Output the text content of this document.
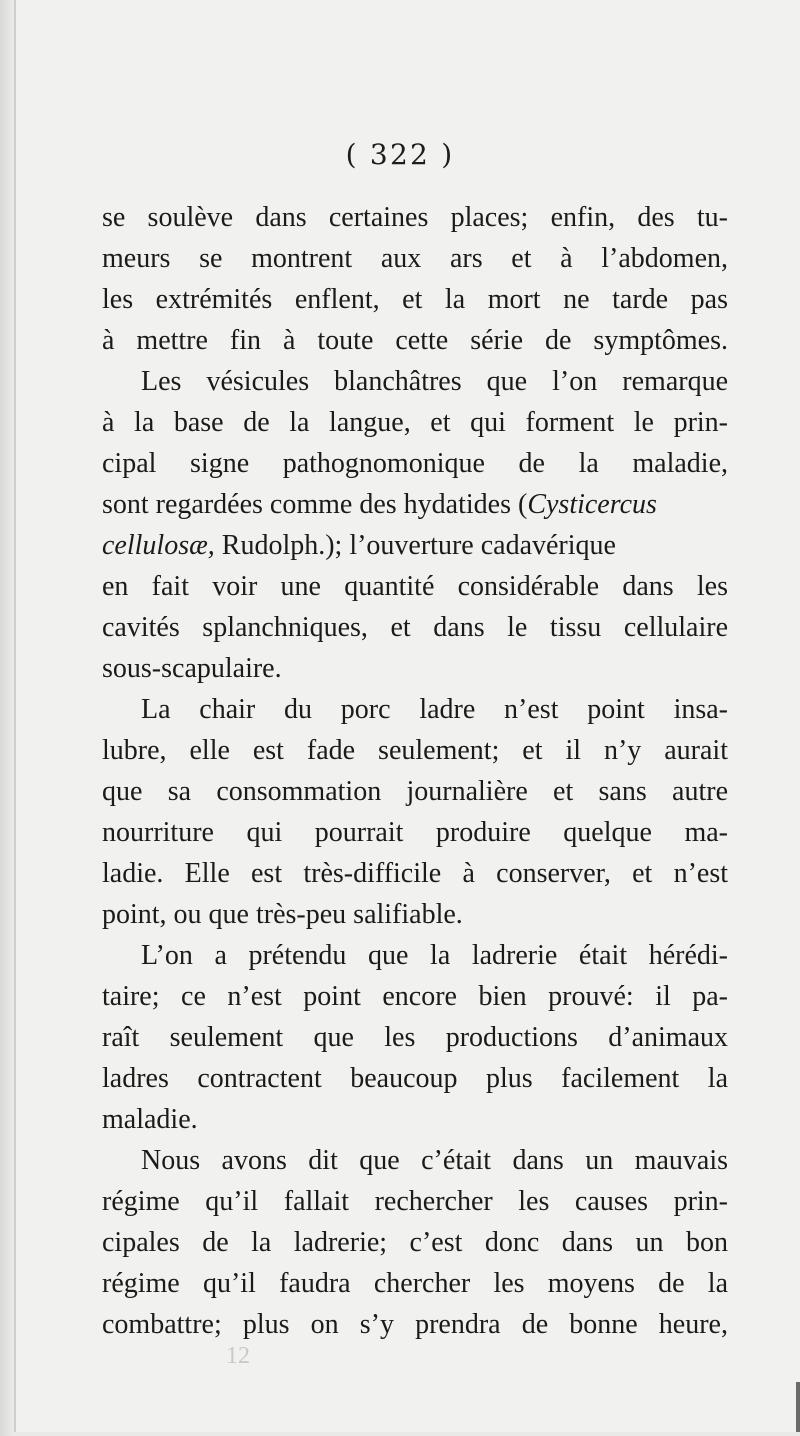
( 322 )
se soulève dans certaines places; enfin, des tu-
meurs se montrent aux ars et à l’abdomen,
les extrémités enflent, et la mort ne tarde pas
à mettre fin à toute cette série de symptômes.
Les vésicules blanchâtres que l’on remarque
à la base de la langue, et qui forment le prin-
cipal signe pathognomonique de la maladie,
sont regardées comme des hydatides (Cysticercus
cellulosæ, Rudolph.); l’ouverture cadavérique
en fait voir une quantité considérable dans les
cavités splanchniques, et dans le tissu cellulaire
sous-scapulaire.
La chair du porc ladre n’est point insa-
lubre, elle est fade seulement; et il n’y aurait
que sa consommation journalière et sans autre
nourriture qui pourrait produire quelque ma-
ladie. Elle est très-difficile à conserver, et n’est
point, ou que très-peu salifiable.
L’on a prétendu que la ladrerie était hérédi-
taire; ce n’est point encore bien prouvé: il pa-
raît seulement que les productions d’animaux
ladres contractent beaucoup plus facilement la
maladie.
Nous avons dit que c’était dans un mauvais
régime qu’il fallait rechercher les causes prin-
cipales de la ladrerie; c’est donc dans un bon
régime qu’il faudra chercher les moyens de la
combattre; plus on s’y prendra de bonne heure,
12
